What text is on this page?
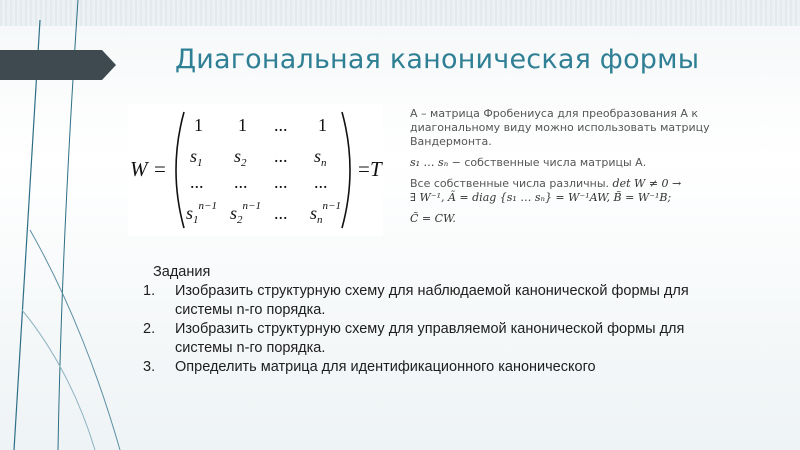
Диагональная каноническая формы
W =
1 1 ... 1
$s_1$ $s_2$ ... $s_n$
... ... ... ...
$s_1^{n-1}$ $s_2^{n-1}$ ... $s_n^{n-1}$
= T

A – матрица Фробениуса для преобразования А к диагональному виду можно использовать матрицу Вандермонта.

s₁ … sₙ − собственные числа матрицы А.

Все собственные числа различны. det W ≠ 0 →

∃ W⁻¹, Ã = diag {s₁ … sₙ} = W⁻¹AW, B̃ = W⁻¹B;

C̃ = CW.

Задания
1. Изобразить структурную схему для наблюдаемой канонической формы для системы n-го порядка.
2. Изобразить структурную схему для управляемой канонической формы для системы n-го порядка.
3. Определить матрица для идентификационного канонического
